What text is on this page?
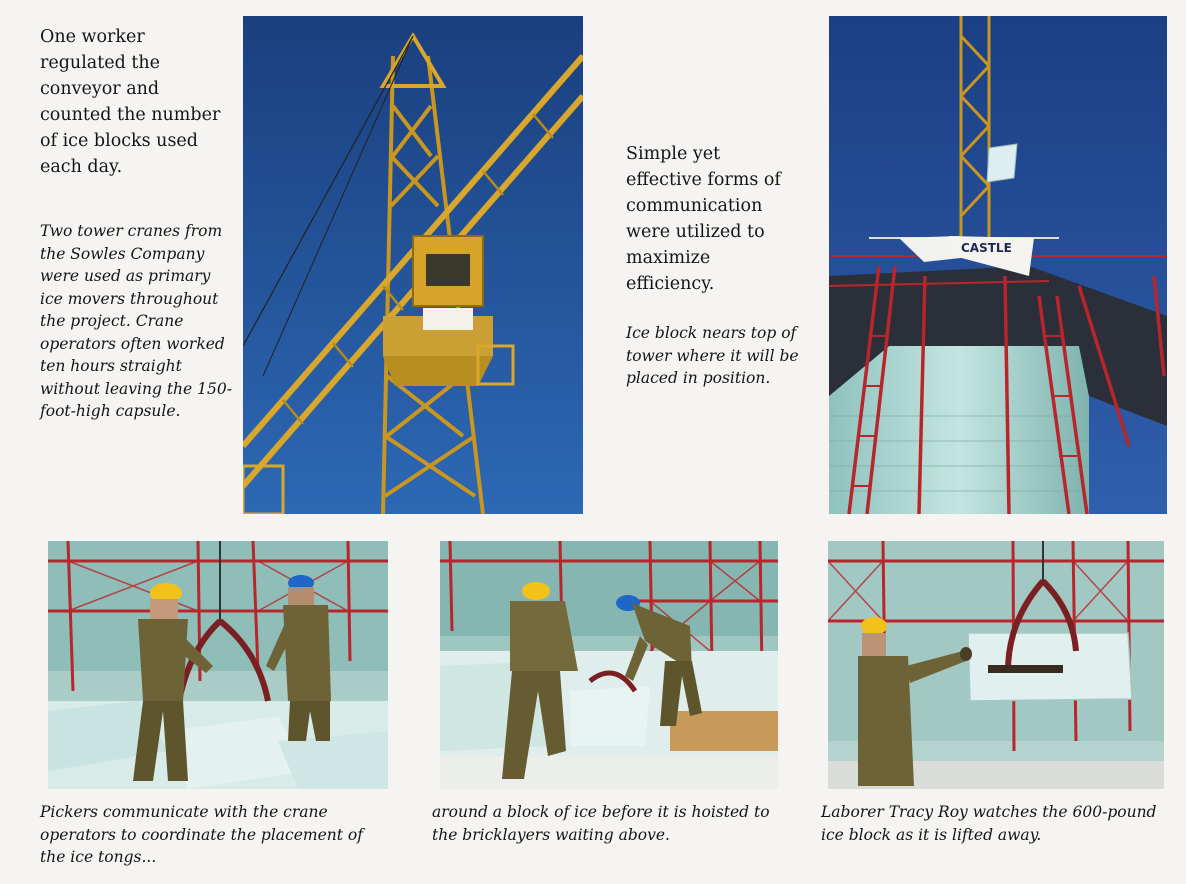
One worker regulated the conveyor and counted the number of ice blocks used each day.

Two tower cranes from the Sowles Company were used as primary ice movers throughout the project. Crane operators often worked ten hours straight without leaving the 150-foot-high capsule.

Simple yet effective forms of communication were utilized to maximize efficiency.

Ice block nears top of tower where it will be placed in position.

CASTLE

Pickers communicate with the crane operators to coordinate the placement of the ice tongs...

around a block of ice before it is hoisted to the bricklayers waiting above.

Laborer Tracy Roy watches the 600-pound ice block as it is lifted away.
